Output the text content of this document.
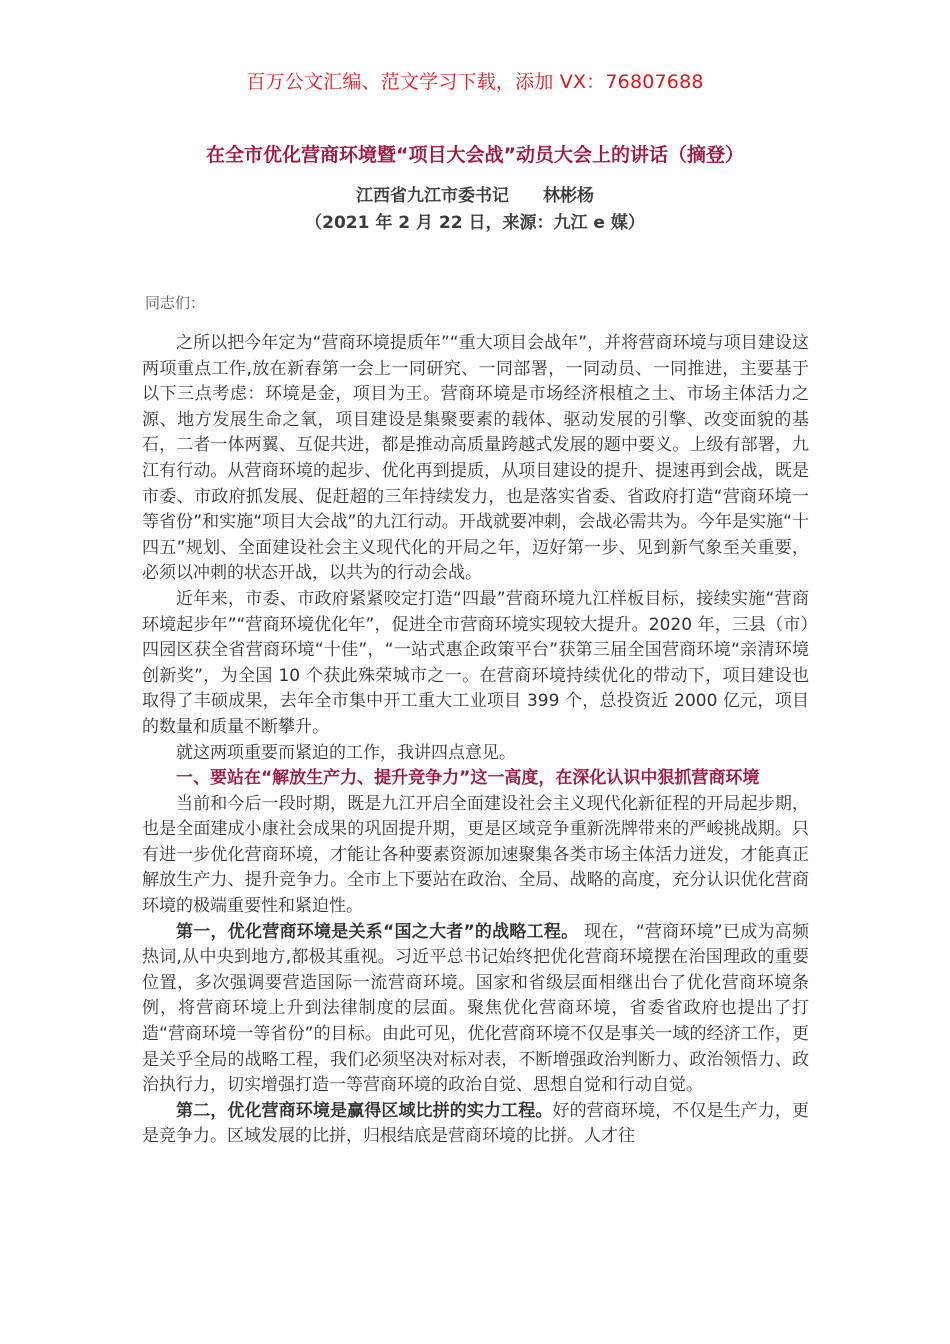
百万公文汇编、范文学习下载，添加 VX：76807688
在全市优化营商环境暨“项目大会战”动员大会上的讲话（摘登）
江西省九江市委书记 林彬杨
（2021 年 2 月 22 日，来源：九江 e 媒）
同志们：

之所以把今年定为“营商环境提质年”“重大项目会战年”，并将营商环境与项目建设这两项重点工作,放在新春第一会上一同研究、一同部署，一同动员、一同推进，主要基于以下三点考虑：环境是金，项目为王。营商环境是市场经济根植之土、市场主体活力之源、地方发展生命之氧，项目建设是集聚要素的载体、驱动发展的引擎、改变面貌的基石，二者一体两翼、互促共进，都是推动高质量跨越式发展的题中要义。上级有部署，九江有行动。从营商环境的起步、优化再到提质，从项目建设的提升、提速再到会战，既是市委、市政府抓发展、促赶超的三年持续发力，也是落实省委、省政府打造“营商环境一等省份”和实施“项目大会战”的九江行动。开战就要冲刺，会战必需共为。今年是实施“十四五”规划、全面建设社会主义现代化的开局之年，迈好第一步、见到新气象至关重要，必须以冲刺的状态开战，以共为的行动会战。

近年来，市委、市政府紧紧咬定打造“四最”营商环境九江样板目标，接续实施“营商环境起步年”“营商环境优化年”，促进全市营商环境实现较大提升。2020 年，三县（市）四园区获全省营商环境“十佳”，“一站式惠企政策平台”获第三届全国营商环境“亲清环境创新奖”，为全国 10 个获此殊荣城市之一。在营商环境持续优化的带动下，项目建设也取得了丰硕成果，去年全市集中开工重大工业项目 399 个，总投资近 2000 亿元，项目的数量和质量不断攀升。

就这两项重要而紧迫的工作，我讲四点意见。

一、要站在“解放生产力、提升竞争力”这一高度，在深化认识中狠抓营商环境

当前和今后一段时期，既是九江开启全面建设社会主义现代化新征程的开局起步期，也是全面建成小康社会成果的巩固提升期，更是区域竞争重新洗牌带来的严峻挑战期。只有进一步优化营商环境，才能让各种要素资源加速聚集各类市场主体活力迸发，才能真正解放生产力、提升竞争力。全市上下要站在政治、全局、战略的高度，充分认识优化营商环境的极端重要性和紧迫性。

第一，优化营商环境是关系“国之大者”的战略工程。 现在，“营商环境”已成为高频热词,从中央到地方,都极其重视。习近平总书记始终把优化营商环境摆在治国理政的重要位置，多次强调要营造国际一流营商环境。国家和省级层面相继出台了优化营商环境条例，将营商环境上升到法律制度的层面。聚焦优化营商环境，省委省政府也提出了打造“营商环境一等省份”的目标。由此可见，优化营商环境不仅是事关一域的经济工作，更是关乎全局的战略工程，我们必须坚决对标对表，不断增强政治判断力、政治领悟力、政治执行力，切实增强打造一等营商环境的政治自觉、思想自觉和行动自觉。

第二，优化营商环境是赢得区域比拼的实力工程。好的营商环境，不仅是生产力，更是竞争力。区域发展的比拼，归根结底是营商环境的比拼。人才往
